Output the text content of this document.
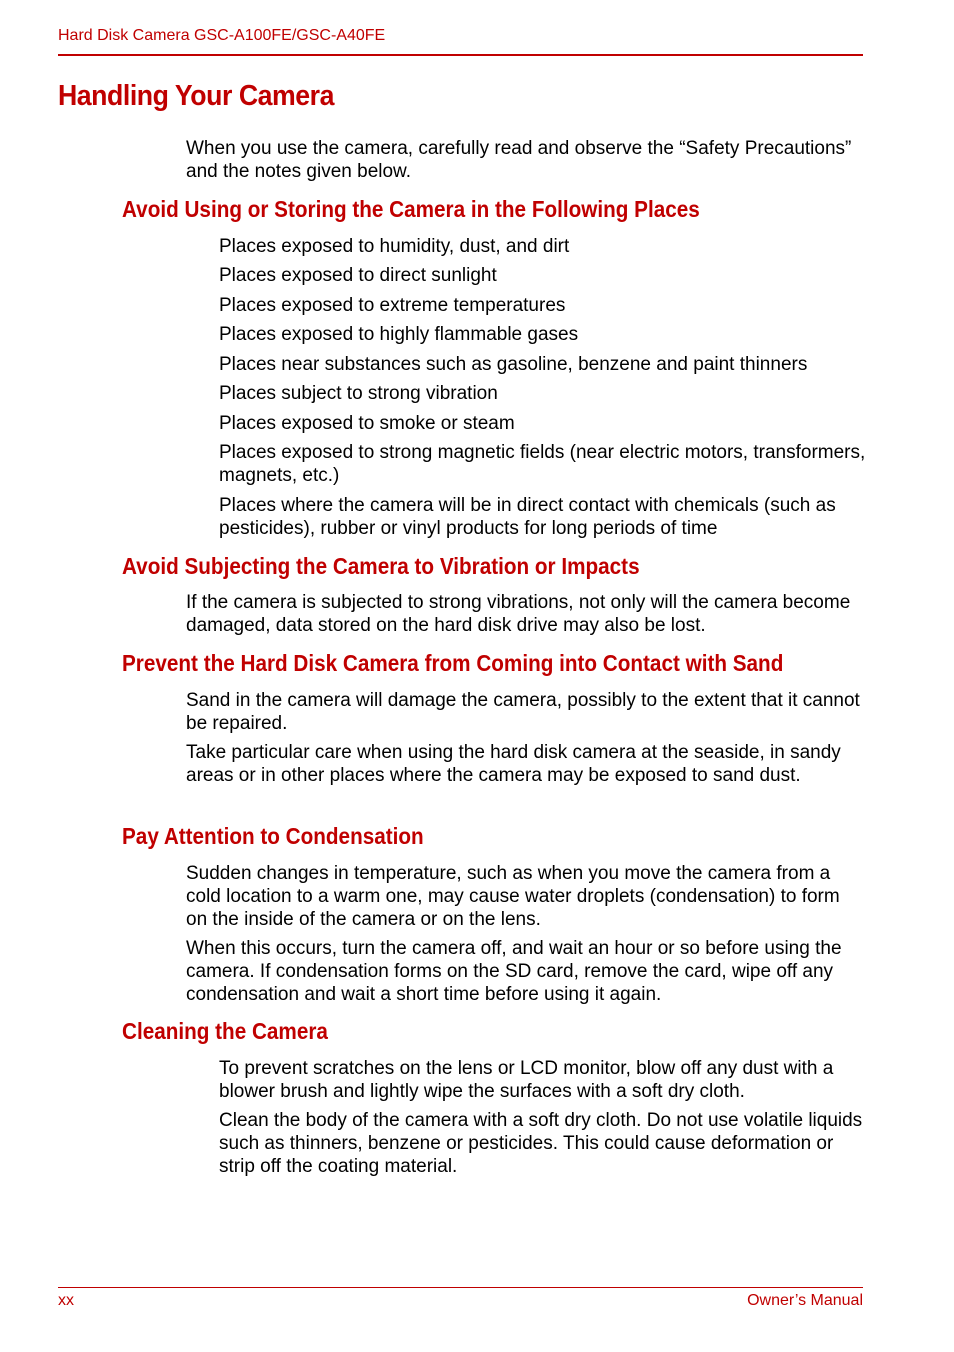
Hard Disk Camera GSC-A100FE/GSC-A40FE
Handling Your Camera

When you use the camera, carefully read and observe the “Safety Precautions” and the notes given below.

Avoid Using or Storing the Camera in the Following Places

Places exposed to humidity, dust, and dirt

Places exposed to direct sunlight

Places exposed to extreme temperatures

Places exposed to highly flammable gases

Places near substances such as gasoline, benzene and paint thinners

Places subject to strong vibration

Places exposed to smoke or steam

Places exposed to strong magnetic fields (near electric motors, transformers, magnets, etc.)

Places where the camera will be in direct contact with chemicals (such as pesticides), rubber or vinyl products for long periods of time

Avoid Subjecting the Camera to Vibration or Impacts

If the camera is subjected to strong vibrations, not only will the camera become damaged, data stored on the hard disk drive may also be lost.

Prevent the Hard Disk Camera from Coming into Contact with Sand

Sand in the camera will damage the camera, possibly to the extent that it cannot be repaired.

Take particular care when using the hard disk camera at the seaside, in sandy areas or in other places where the camera may be exposed to sand dust.

Pay Attention to Condensation

Sudden changes in temperature, such as when you move the camera from a cold location to a warm one, may cause water droplets (condensation) to form on the inside of the camera or on the lens.

When this occurs, turn the camera off, and wait an hour or so before using the camera. If condensation forms on the SD card, remove the card, wipe off any condensation and wait a short time before using it again.

Cleaning the Camera

To prevent scratches on the lens or LCD monitor, blow off any dust with a blower brush and lightly wipe the surfaces with a soft dry cloth.

Clean the body of the camera with a soft dry cloth. Do not use volatile liquids such as thinners, benzene or pesticides. This could cause deformation or strip off the coating material.

xx	Owner’s Manual
